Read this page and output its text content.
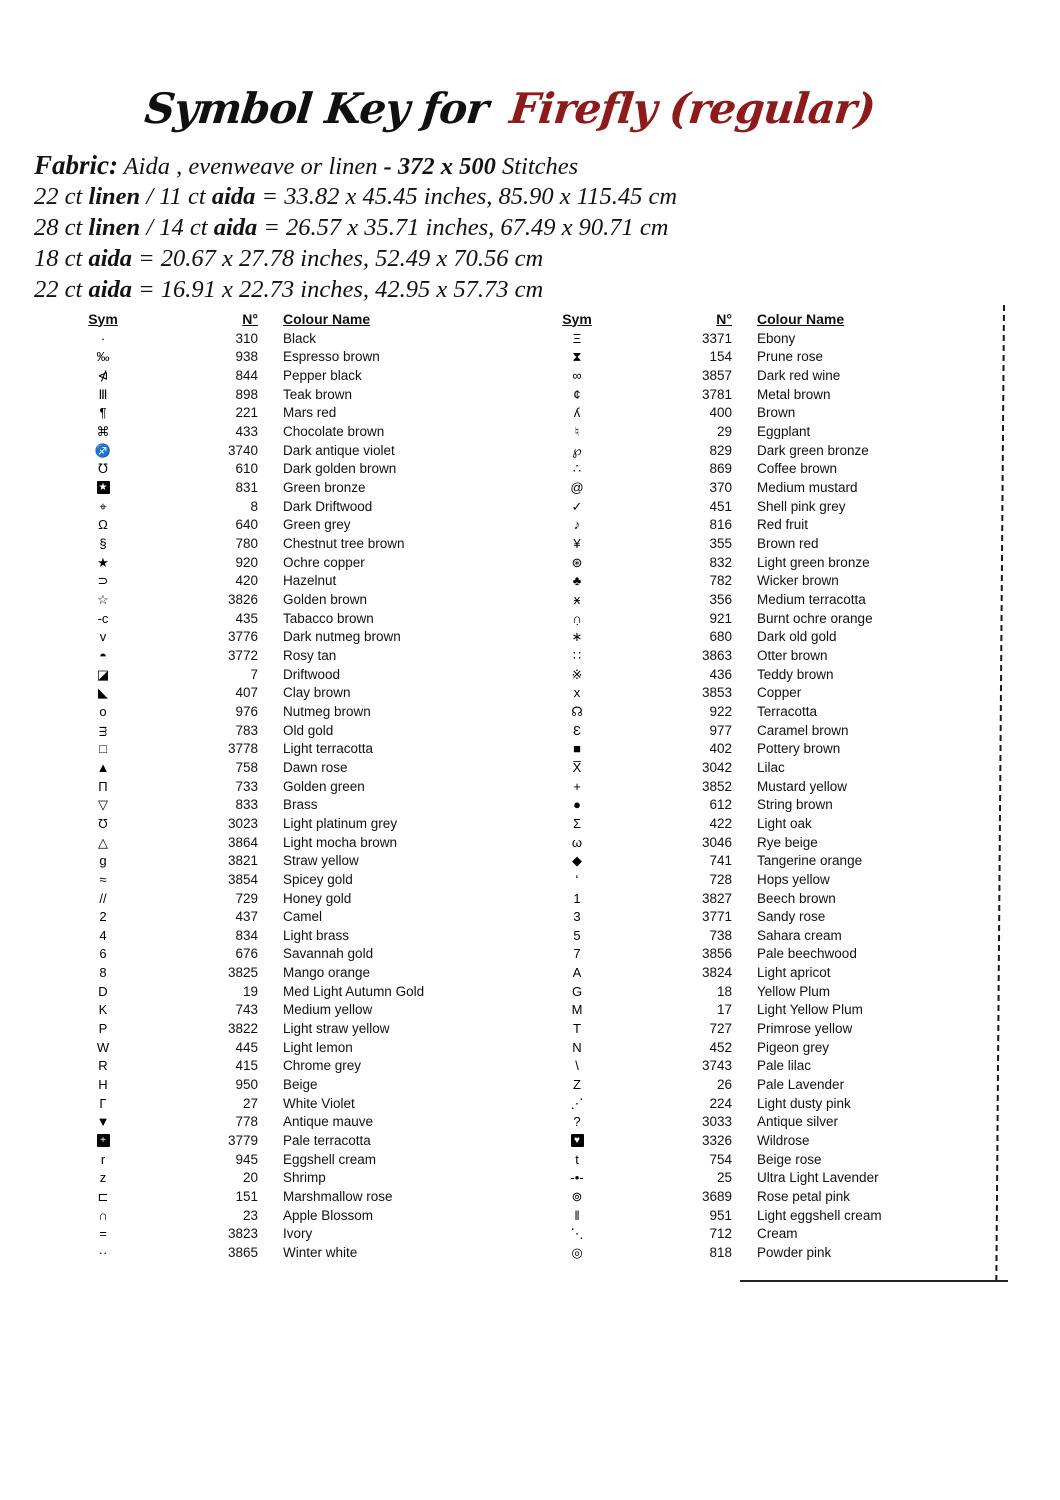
Symbol Key for Firefly (regular)
Fabric: Aida , evenweave or linen - 372 x 500 Stitches
22 ct linen / 11 ct aida = 33.82 x 45.45 inches, 85.90 x 115.45 cm
28 ct linen / 14 ct aida = 26.57 x 35.71 inches, 67.49 x 90.71 cm
18 ct aida = 20.67 x 27.78 inches, 52.49 x 70.56 cm
22 ct aida = 16.91 x 22.73 inches, 42.95 x 57.73 cm
Sym	N°	Colour Name
·	310	Black
‰	938	Espresso brown
⋪	844	Pepper black
Ⅲ	898	Teak brown
¶	221	Mars red
⌘	433	Chocolate brown
♐	3740	Dark antique violet
℧	610	Dark golden brown
★	831	Green bronze
⌖	8	Dark Driftwood
Ω	640	Green grey
§	780	Chestnut tree brown
★	920	Ochre copper
⊃	420	Hazelnut
☆	3826	Golden brown
-c	435	Tabacco brown
v	3776	Dark nutmeg brown
◓	3772	Rosy tan
◪	7	Driftwood
◣	407	Clay brown
o	976	Nutmeg brown
ᴟ	783	Old gold
□	3778	Light terracotta
▲	758	Dawn rose
Π	733	Golden green
▽	833	Brass
Ʊ	3023	Light platinum grey
△	3864	Light mocha brown
g	3821	Straw yellow
≈	3854	Spicey gold
//	729	Honey gold
2	437	Camel
4	834	Light brass
6	676	Savannah gold
8	3825	Mango orange
D	19	Med Light Autumn Gold
K	743	Medium yellow
P	3822	Light straw yellow
W	445	Light lemon
R	415	Chrome grey
H	950	Beige
Γ	27	White Violet
▼	778	Antique mauve
+	3779	Pale terracotta
r	945	Eggshell cream
z	20	Shrimp
⊏	151	Marshmallow rose
∩	23	Apple Blossom
=	3823	Ivory
··	3865	Winter white
Sym	N°	Colour Name
Ξ	3371	Ebony
⧗	154	Prune rose
∞	3857	Dark red wine
¢	3781	Metal brown
ʎ	400	Brown
♮	29	Eggplant
℘	829	Dark green bronze
∴	869	Coffee brown
@	370	Medium mustard
✓	451	Shell pink grey
♪	816	Red fruit
¥	355	Brown red
⊛	832	Light green bronze
♣	782	Wicker brown
ӿ	356	Medium terracotta
∩̣	921	Burnt ochre orange
∗	680	Dark old gold
∷	3863	Otter brown
※	436	Teddy brown
x	3853	Copper
☊	922	Terracotta
Ɛ	977	Caramel brown
■	402	Pottery brown
X̅	3042	Lilac
+	3852	Mustard yellow
●	612	String brown
Σ	422	Light oak
ω	3046	Rye beige
◆	741	Tangerine orange
‘	728	Hops yellow
1	3827	Beech brown
3	3771	Sandy rose
5	738	Sahara cream
7	3856	Pale beechwood
A	3824	Light apricot
G	18	Yellow Plum
M	17	Light Yellow Plum
T	727	Primrose yellow
N	452	Pigeon grey
\	3743	Pale lilac
Z	26	Pale Lavender
⋰	224	Light dusty pink
?	3033	Antique silver
♥	3326	Wildrose
t	754	Beige rose
-•-	25	Ultra Light Lavender
⊚	3689	Rose petal pink
‖	951	Light eggshell cream
⋱	712	Cream
◎	818	Powder pink
